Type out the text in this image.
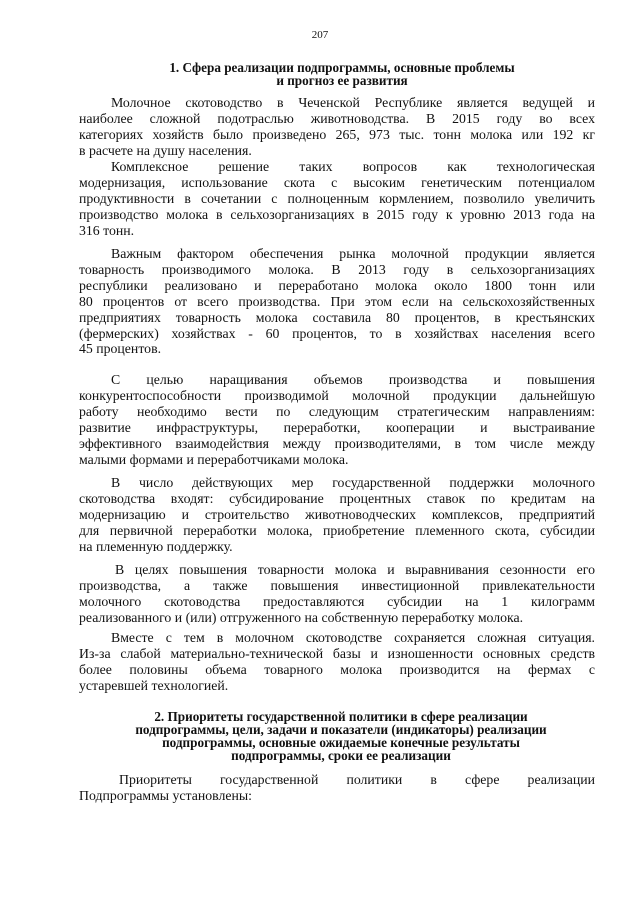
207
1. Сфера реализации подпрограммы, основные проблемы
и прогноз ее развития
Молочное скотоводство в Чеченской Республике является ведущей и
наиболее сложной подотраслью животноводства. В 2015 году во всех
категориях хозяйств было произведено 265, 973 тыс. тонн молока или 192 кг
в расчете на душу населения.
Комплексное решение таких вопросов как технологическая
модернизация, использование скота с высоким генетическим потенциалом
продуктивности в сочетании с полноценным кормлением, позволило увеличить
производство молока в сельхозорганизациях в 2015 году к уровню 2013 года на
316 тонн.
Важным фактором обеспечения рынка молочной продукции является
товарность производимого молока. В 2013 году в сельхозорганизациях
республики реализовано и переработано молока около 1800 тонн или
80 процентов от всего производства. При этом если на сельскохозяйственных
предприятиях товарность молока составила 80 процентов, в крестьянских
(фермерских) хозяйствах - 60 процентов, то в хозяйствах населения всего
45 процентов.
С целью наращивания объемов производства и повышения
конкурентоспособности производимой молочной продукции дальнейшую
работу необходимо вести по следующим стратегическим направлениям:
развитие инфраструктуры, переработки, кооперации и выстраивание
эффективного взаимодействия между производителями, в том числе между
малыми формами и переработчиками молока.
В число действующих мер государственной поддержки молочного
скотоводства входят: субсидирование процентных ставок по кредитам на
модернизацию и строительство животноводческих комплексов, предприятий
для первичной переработки молока, приобретение племенного скота, субсидии
на племенную поддержку.
В целях повышения товарности молока и выравнивания сезонности его
производства, а также повышения инвестиционной привлекательности
молочного скотоводства предоставляются субсидии на 1 килограмм
реализованного и (или) отгруженного на собственную переработку молока.
Вместе с тем в молочном скотоводстве сохраняется сложная ситуация.
Из-за слабой материально-технической базы и изношенности основных средств
более половины объема товарного молока производится на фермах с
устаревшей технологией.
2. Приоритеты государственной политики в сфере реализации
подпрограммы, цели, задачи и показатели (индикаторы) реализации
подпрограммы, основные ожидаемые конечные результаты
подпрограммы, сроки ее реализации
Приоритеты государственной политики в сфере реализации
Подпрограммы установлены:
